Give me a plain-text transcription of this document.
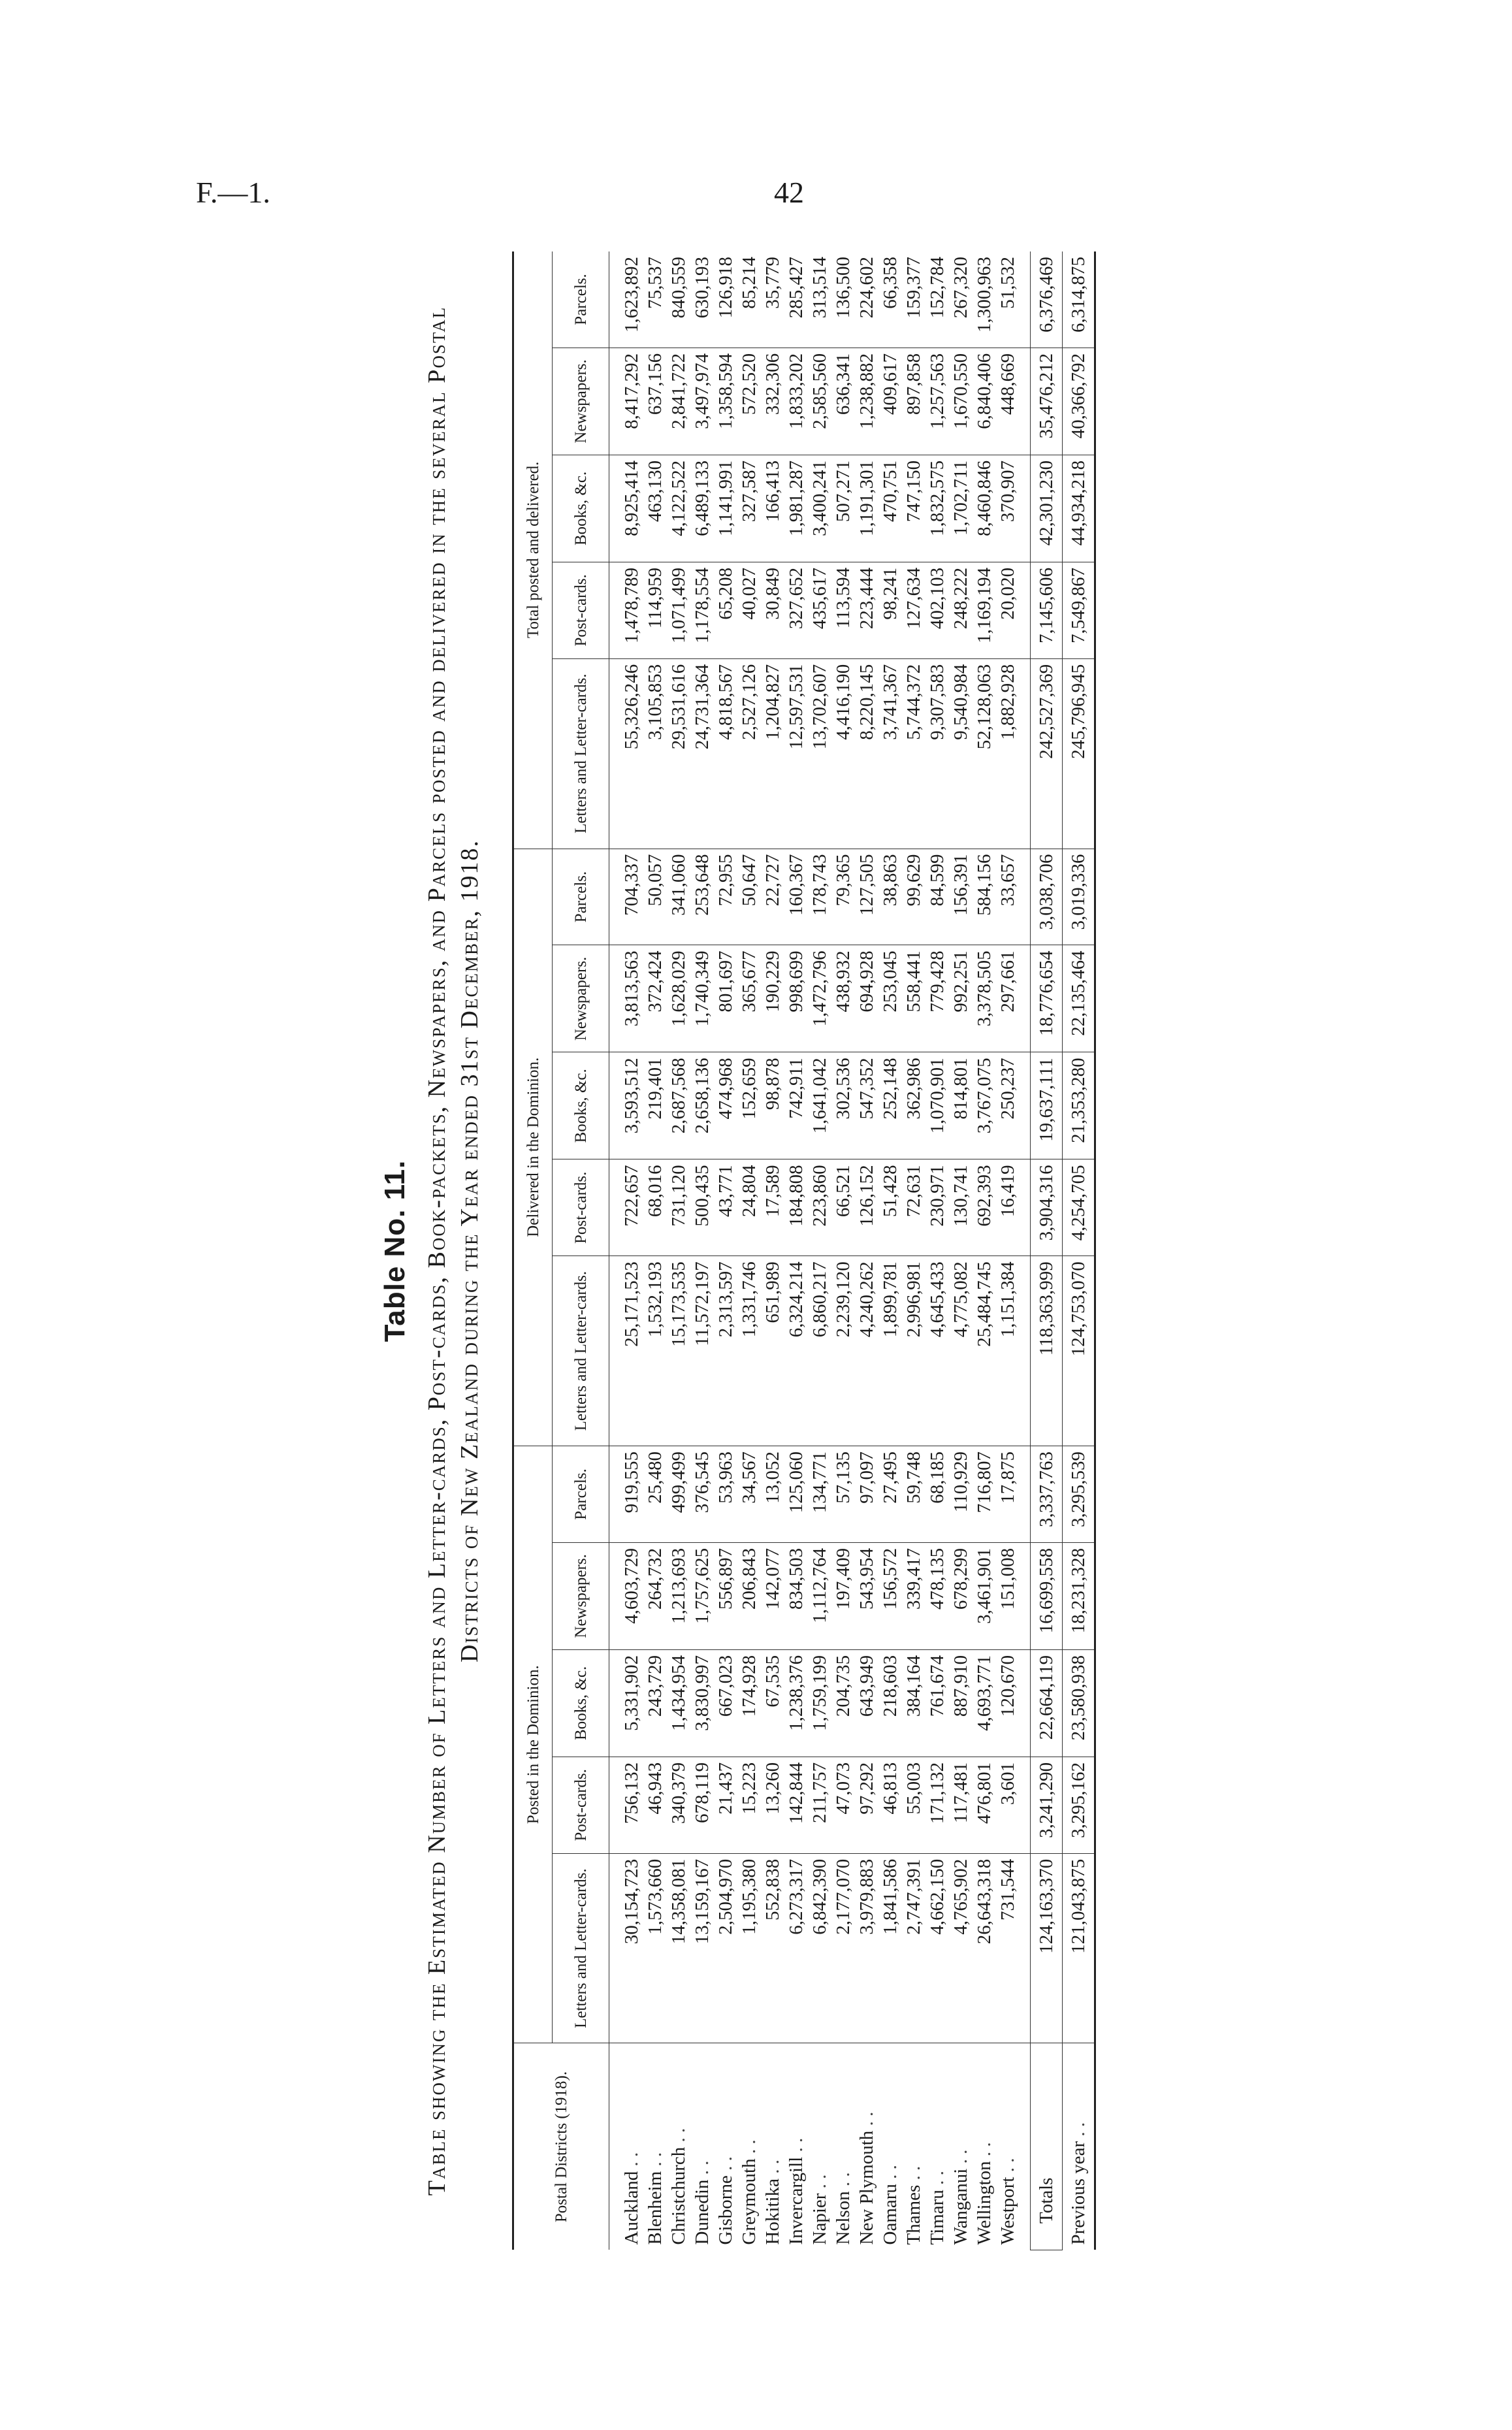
F.—1.	42
Table No. 11. Table showing the Estimated Number of Letters and Letter-cards, Post-cards, Book-packets, Newspapers, and Parcels posted and delivered in the several Postal Districts of New Zealand during the Year ended 31st December, 1918.
Postal Districts (1918).	Posted in the Dominion.					Delivered in the Dominion.					Total posted and delivered.				
	Letters and Letter-cards.	Post-cards.	Books, &c.	Newspapers.	Parcels.	Letters and Letter-cards.	Post-cards.	Books, &c.	Newspapers.	Parcels.	Letters and Letter-cards.	Post-cards.	Books, &c.	Newspapers.	Parcels.
Auckland . .	30,154,723	756,132	5,331,902	4,603,729	919,555	25,171,523	722,657	3,593,512	3,813,563	704,337	55,326,246	1,478,789	8,925,414	8,417,292	1,623,892
Blenheim . .	1,573,660	46,943	243,729	264,732	25,480	1,532,193	68,016	219,401	372,424	50,057	3,105,853	114,959	463,130	637,156	75,537
Christchurch . .	14,358,081	340,379	1,434,954	1,213,693	499,499	15,173,535	731,120	2,687,568	1,628,029	341,060	29,531,616	1,071,499	4,122,522	2,841,722	840,559
Dunedin . .	13,159,167	678,119	3,830,997	1,757,625	376,545	11,572,197	500,435	2,658,136	1,740,349	253,648	24,731,364	1,178,554	6,489,133	3,497,974	630,193
Gisborne . .	2,504,970	21,437	667,023	556,897	53,963	2,313,597	43,771	474,968	801,697	72,955	4,818,567	65,208	1,141,991	1,358,594	126,918
Greymouth . .	1,195,380	15,223	174,928	206,843	34,567	1,331,746	24,804	152,659	365,677	50,647	2,527,126	40,027	327,587	572,520	85,214
Hokitika . .	552,838	13,260	67,535	142,077	13,052	651,989	17,589	98,878	190,229	22,727	1,204,827	30,849	166,413	332,306	35,779
Invercargill . .	6,273,317	142,844	1,238,376	834,503	125,060	6,324,214	184,808	742,911	998,699	160,367	12,597,531	327,652	1,981,287	1,833,202	285,427
Napier . .	6,842,390	211,757	1,759,199	1,112,764	134,771	6,860,217	223,860	1,641,042	1,472,796	178,743	13,702,607	435,617	3,400,241	2,585,560	313,514
Nelson . .	2,177,070	47,073	204,735	197,409	57,135	2,239,120	66,521	302,536	438,932	79,365	4,416,190	113,594	507,271	636,341	136,500
New Plymouth . .	3,979,883	97,292	643,949	543,954	97,097	4,240,262	126,152	547,352	694,928	127,505	8,220,145	223,444	1,191,301	1,238,882	224,602
Oamaru . .	1,841,586	46,813	218,603	156,572	27,495	1,899,781	51,428	252,148	253,045	38,863	3,741,367	98,241	470,751	409,617	66,358
Thames . .	2,747,391	55,003	384,164	339,417	59,748	2,996,981	72,631	362,986	558,441	99,629	5,744,372	127,634	747,150	897,858	159,377
Timaru . .	4,662,150	171,132	761,674	478,135	68,185	4,645,433	230,971	1,070,901	779,428	84,599	9,307,583	402,103	1,832,575	1,257,563	152,784
Wanganui . .	4,765,902	117,481	887,910	678,299	110,929	4,775,082	130,741	814,801	992,251	156,391	9,540,984	248,222	1,702,711	1,670,550	267,320
Wellington . .	26,643,318	476,801	4,693,771	3,461,901	716,807	25,484,745	692,393	3,767,075	3,378,505	584,156	52,128,063	1,169,194	8,460,846	6,840,406	1,300,963
Westport . .	731,544	3,601	120,670	151,008	17,875	1,151,384	16,419	250,237	297,661	33,657	1,882,928	20,020	370,907	448,669	51,532
Totals	124,163,370	3,241,290	22,664,119	16,699,558	3,337,763	118,363,999	3,904,316	19,637,111	18,776,654	3,038,706	242,527,369	7,145,606	42,301,230	35,476,212	6,376,469
Previous year . .	121,043,875	3,295,162	23,580,938	18,231,328	3,295,539	124,753,070	4,254,705	21,353,280	22,135,464	3,019,336	245,796,945	7,549,867	44,934,218	40,366,792	6,314,875
